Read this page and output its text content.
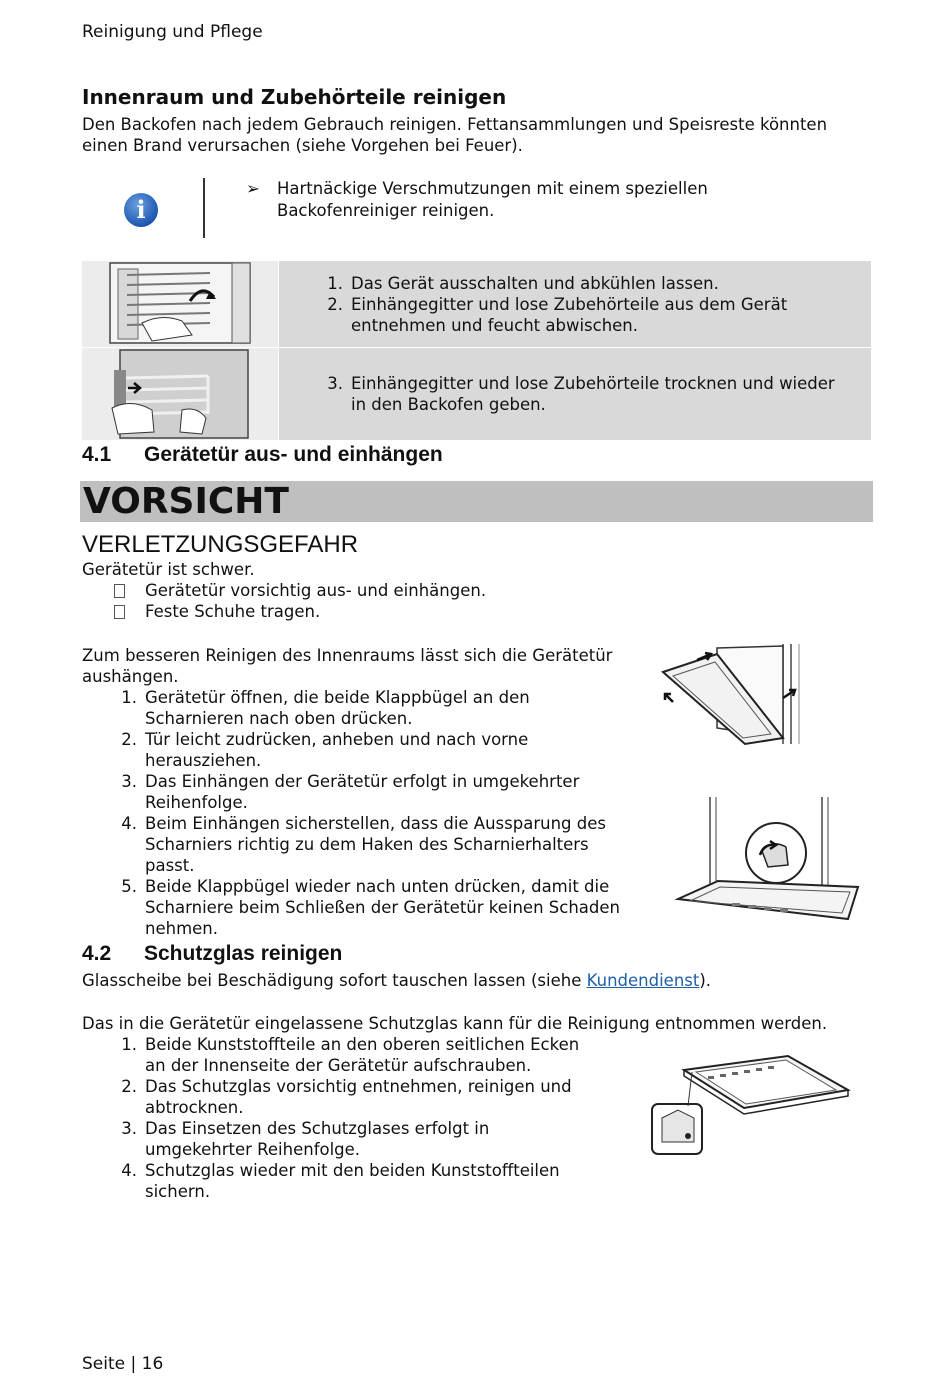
Reinigung und Pflege
Innenraum und Zubehörteile reinigen
Den Backofen nach jedem Gebrauch reinigen. Fettansammlungen und Speisreste könnten
einen Brand verursachen (siehe Vorgehen bei Feuer).
i
➢	Hartnäckige Verschmutzungen mit einem speziellen
Backofenreiniger reinigen.
1. Das Gerät ausschalten und abkühlen lassen.
2. Einhängegitter und lose Zubehörteile aus dem Gerät
entnehmen und feucht abwischen.
3. Einhängegitter und lose Zubehörteile trocknen und wieder
in den Backofen geben.
4.1 Gerätetür aus- und einhängen
VORSICHT
VERLETZUNGSGEFAHR
Gerätetür ist schwer.
Gerätetür vorsichtig aus- und einhängen.
Feste Schuhe tragen.
Zum besseren Reinigen des Innenraums lässt sich die Gerätetür
aushängen.
1. Gerätetür öffnen, die beide Klappbügel an den
Scharnieren nach oben drücken.
2. Tür leicht zudrücken, anheben und nach vorne
herausziehen.
3. Das Einhängen der Gerätetür erfolgt in umgekehrter
Reihenfolge.
4. Beim Einhängen sicherstellen, dass die Aussparung des
Scharniers richtig zu dem Haken des Scharnierhalters
passt.
5. Beide Klappbügel wieder nach unten drücken, damit die
Scharniere beim Schließen der Gerätetür keinen Schaden
nehmen.
4.2 Schutzglas reinigen
Glasscheibe bei Beschädigung sofort tauschen lassen (siehe Kundendienst).
Das in die Gerätetür eingelassene Schutzglas kann für die Reinigung entnommen werden.
1. Beide Kunststoffteile an den oberen seitlichen Ecken
an der Innenseite der Gerätetür aufschrauben.
2. Das Schutzglas vorsichtig entnehmen, reinigen und
abtrocknen.
3. Das Einsetzen des Schutzglases erfolgt in
umgekehrter Reihenfolge.
4. Schutzglas wieder mit den beiden Kunststoffteilen
sichern.
Seite | 16
